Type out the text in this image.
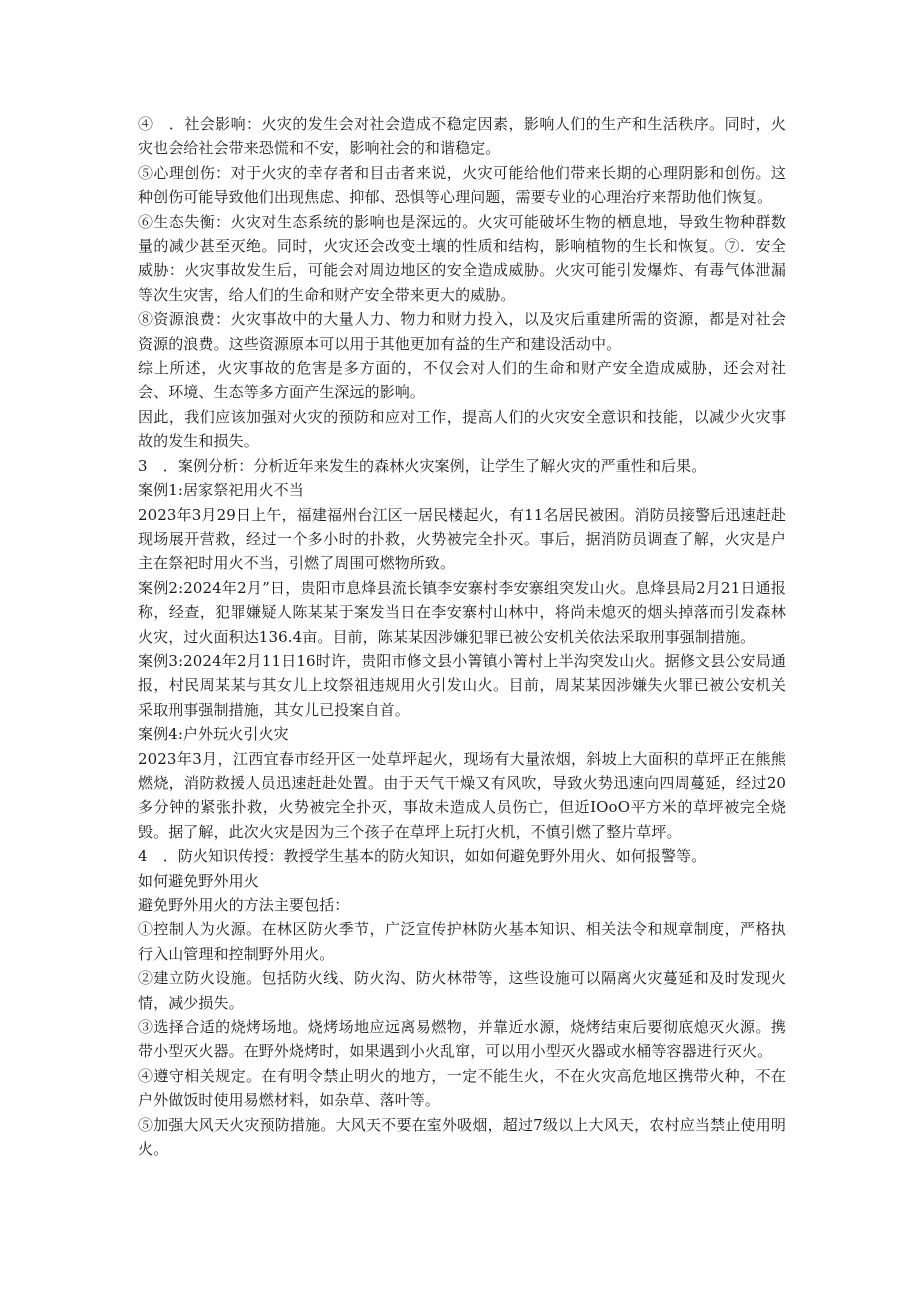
④　．社会影响：火灾的发生会对社会造成不稳定因素，影响人们的生产和生活秩序。同时，火灾也会给社会带来恐慌和不安，影响社会的和谐稳定。

⑤心理创伤：对于火灾的幸存者和目击者来说，火灾可能给他们带来长期的心理阴影和创伤。这种创伤可能导致他们出现焦虑、抑郁、恐惧等心理问题，需要专业的心理治疗来帮助他们恢复。

⑥生态失衡：火灾对生态系统的影响也是深远的。火灾可能破坏生物的栖息地，导致生物种群数量的减少甚至灭绝。同时，火灾还会改变土壤的性质和结构，影响植物的生长和恢复。⑦．安全威胁：火灾事故发生后，可能会对周边地区的安全造成威胁。火灾可能引发爆炸、有毒气体泄漏等次生灾害，给人们的生命和财产安全带来更大的威胁。

⑧资源浪费：火灾事故中的大量人力、物力和财力投入，以及灾后重建所需的资源，都是对社会资源的浪费。这些资源原本可以用于其他更加有益的生产和建设活动中。

综上所述，火灾事故的危害是多方面的，不仅会对人们的生命和财产安全造成威胁，还会对社会、环境、生态等多方面产生深远的影响。

因此，我们应该加强对火灾的预防和应对工作，提高人们的火灾安全意识和技能，以减少火灾事故的发生和损失。

3　．案例分析：分析近年来发生的森林火灾案例，让学生了解火灾的严重性和后果。

案例1:居家祭祀用火不当

2023年3月29日上午，福建福州台江区一居民楼起火，有11名居民被困。消防员接警后迅速赶赴现场展开营救，经过一个多小时的扑救，火势被完全扑灭。事后，据消防员调查了解，火灾是户主在祭祀时用火不当，引燃了周围可燃物所致。

案例2:2024年2月”日，贵阳市息烽县流长镇李安寨村李安寨组突发山火。息烽县局2月21日通报称，经查，犯罪嫌疑人陈某某于案发当日在李安寨村山林中，将尚未熄灭的烟头掉落而引发森林火灾，过火面积达136.4亩。目前，陈某某因涉嫌犯罪已被公安机关依法采取刑事强制措施。

案例3:2024年2月11日16时许，贵阳市修文县小箐镇小箐村上半沟突发山火。据修文县公安局通报，村民周某某与其女儿上坟祭祖违规用火引发山火。目前，周某某因涉嫌失火罪已被公安机关采取刑事强制措施，其女儿已投案自首。

案例4:户外玩火引火灾

2023年3月，江西宜春市经开区一处草坪起火，现场有大量浓烟，斜坡上大面积的草坪正在熊熊燃烧，消防救援人员迅速赶赴处置。由于天气干燥又有风吹，导致火势迅速向四周蔓延，经过20多分钟的紧张扑救，火势被完全扑灭，事故未造成人员伤亡，但近IOoO平方米的草坪被完全烧毁。据了解，此次火灾是因为三个孩子在草坪上玩打火机，不慎引燃了整片草坪。

4　．防火知识传授：教授学生基本的防火知识，如如何避免野外用火、如何报警等。

如何避免野外用火

避免野外用火的方法主要包括：

①控制人为火源。在林区防火季节，广泛宣传护林防火基本知识、相关法令和规章制度，严格执行入山管理和控制野外用火。

②建立防火设施。包括防火线、防火沟、防火林带等，这些设施可以隔离火灾蔓延和及时发现火情，减少损失。

③选择合适的烧烤场地。烧烤场地应远离易燃物，并靠近水源，烧烤结束后要彻底熄灭火源。携带小型灭火器。在野外烧烤时，如果遇到小火乱窜，可以用小型灭火器或水桶等容器进行灭火。

④遵守相关规定。在有明令禁止明火的地方，一定不能生火，不在火灾高危地区携带火种，不在户外做饭时使用易燃材料，如杂草、落叶等。

⑤加强大风天火灾预防措施。大风天不要在室外吸烟，超过7级以上大风天，农村应当禁止使用明火。
